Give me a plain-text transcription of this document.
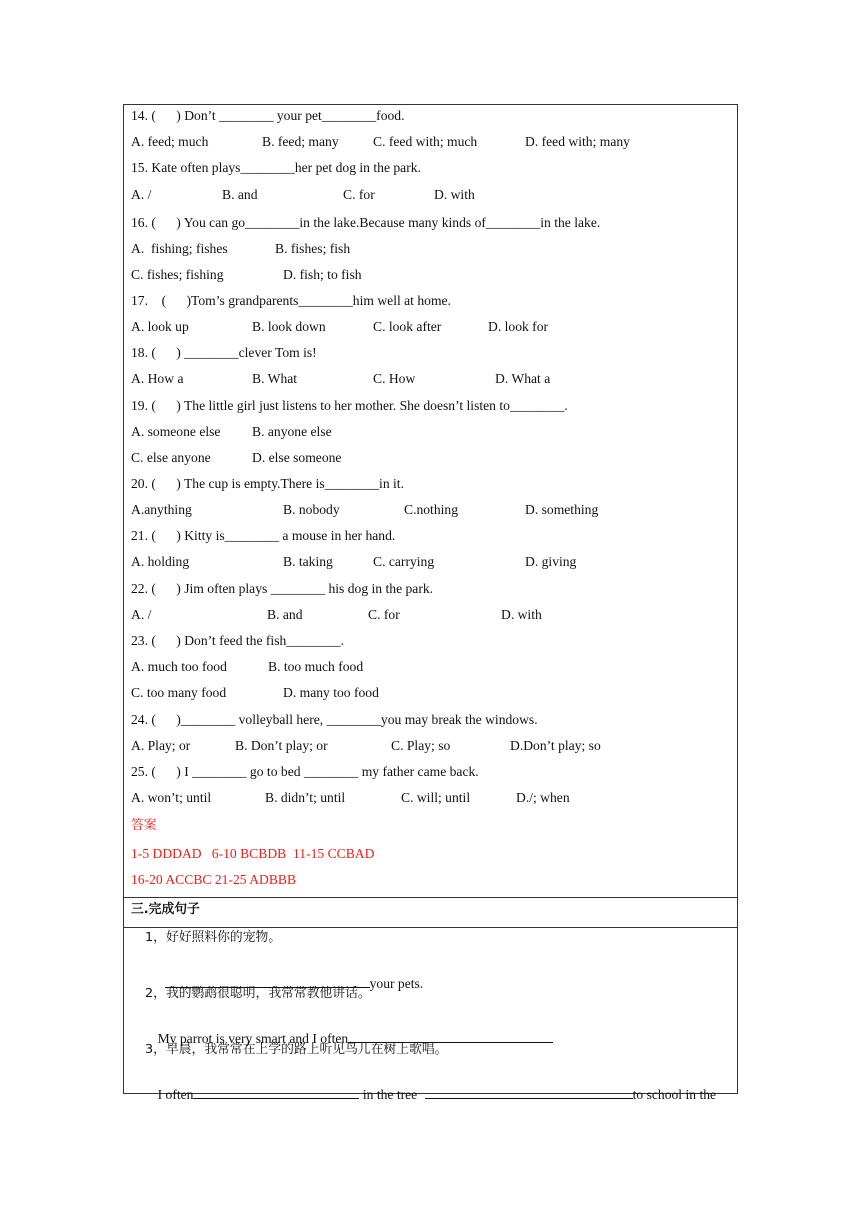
14. (      ) Don’t ________ your pet________food.

A. feed; much

	B. feed; many

	C. feed with; much

	D. feed with; many

15. Kate often plays________her pet dog in the park.

A. /

	B. and

	C. for

	D. with

16. (      ) You can go________in the lake.Because many kinds of________in the lake.

A.  fishing; fishes

	B. fishes; fish

C. fishes; fishing

	D. fish; to fish

17.    (      )Tom’s grandparents________him well at home.

A. look up

	B. look down

	C. look after

	D. look for

18. (      ) ________clever Tom is!

A. How a

	B. What

	C. How

	D. What a

19. (      ) The little girl just listens to her mother. She doesn’t listen to________.

A. someone else

B. anyone else

C. else anyone

	D. else someone

20. (      ) The cup is empty.There is________in it.

A.anything

	B. nobody

	C.nothing

	D. something

21. (      ) Kitty is________ a mouse in her hand.

A. holding

	B. taking

	C. carrying

	D. giving

22. (      ) Jim often plays ________ his dog in the park.

A. /

	B. and

	C. for

	D. with

23. (      ) Don’t feed the fish________.

A. much too food

	B. too much food

C. too many food

	D. many too food

24. (      )________ volleyball here, ________you may break the windows.

A. Play; or

	B. Don’t play; or

	C. Play; so

	D.Don’t play; so

25. (      ) I ________ go to bed ________ my father came back.

A. won’t; until

	B. didn’t; until

	C. will; until

	D./; when

答案
1-5 DDDAD   6-10 BCBDB  11-15 CCBAD
16-20 ACCBC 21-25 ADBBB
三.完成句子
1，好好照料你的宠物。

your pets.

2，我的鹦鹉很聪明，我常常教他讲话。

My parrot is very smart and I often

3，早晨，我常常在上学的路上听见鸟儿在树上歌唱。

I often	in the tree	to school in the
